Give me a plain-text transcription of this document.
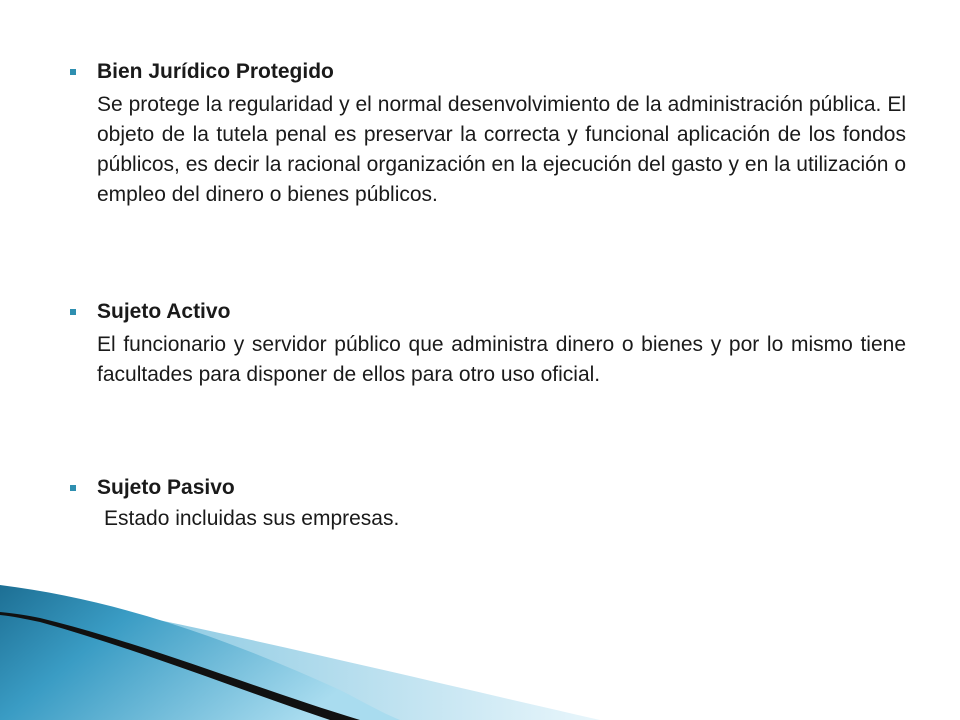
Bien Jurídico Protegido

Se protege la regularidad y el normal desenvolvimiento de la administración pública. El objeto de la tutela penal es preservar la correcta y funcional aplicación de los fondos públicos, es decir la racional organización en la ejecución del gasto y en la utilización o empleo del dinero o bienes públicos.

Sujeto Activo

El funcionario y servidor público que administra dinero o bienes y por lo mismo tiene facultades para disponer de ellos para otro uso oficial.

Sujeto Pasivo

Estado incluidas sus empresas.
